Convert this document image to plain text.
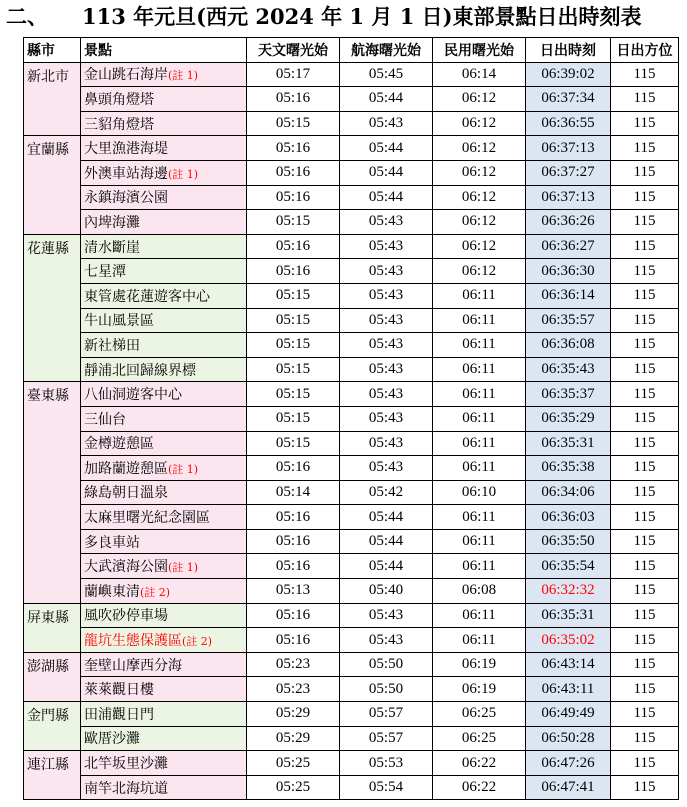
二、 113 年元旦(西元 2024 年 1 月 1 日)東部景點日出時刻表
縣市	景點	天文曙光始	航海曙光始	民用曙光始	日出時刻	日出方位
新北市	金山跳石海岸(註 1)	05:17	05:45	06:14	06:39:02	115
	鼻頭角燈塔	05:16	05:44	06:12	06:37:34	115
	三貂角燈塔	05:15	05:43	06:12	06:36:55	115
宜蘭縣	大里漁港海堤	05:16	05:44	06:12	06:37:13	115
	外澳車站海邊(註 1)	05:16	05:44	06:12	06:37:27	115
	永鎮海濱公園	05:16	05:44	06:12	06:37:13	115
	內埤海灘	05:15	05:43	06:12	06:36:26	115
花蓮縣	清水斷崖	05:16	05:43	06:12	06:36:27	115
	七星潭	05:16	05:43	06:12	06:36:30	115
	東管處花蓮遊客中心	05:15	05:43	06:11	06:36:14	115
	牛山風景區	05:15	05:43	06:11	06:35:57	115
	新社梯田	05:15	05:43	06:11	06:36:08	115
	靜浦北回歸線界標	05:15	05:43	06:11	06:35:43	115
臺東縣	八仙洞遊客中心	05:15	05:43	06:11	06:35:37	115
	三仙台	05:15	05:43	06:11	06:35:29	115
	金樽遊憩區	05:15	05:43	06:11	06:35:31	115
	加路蘭遊憩區(註 1)	05:16	05:43	06:11	06:35:38	115
	綠島朝日溫泉	05:14	05:42	06:10	06:34:06	115
	太麻里曙光紀念園區	05:16	05:44	06:11	06:36:03	115
	多良車站	05:16	05:44	06:11	06:35:50	115
	大武濱海公園(註 1)	05:16	05:44	06:11	06:35:54	115
	蘭嶼東清(註 2)	05:13	05:40	06:08	06:32:32	115
屏東縣	風吹砂停車場	05:16	05:43	06:11	06:35:31	115
	龍坑生態保護區(註 2)	05:16	05:43	06:11	06:35:02	115
澎湖縣	奎壁山摩西分海	05:23	05:50	06:19	06:43:14	115
	萊萊觀日樓	05:23	05:50	06:19	06:43:11	115
金門縣	田浦觀日門	05:29	05:57	06:25	06:49:49	115
	歐厝沙灘	05:29	05:57	06:25	06:50:28	115
連江縣	北竿坂里沙灘	05:25	05:53	06:22	06:47:26	115
	南竿北海坑道	05:25	05:54	06:22	06:47:41	115
